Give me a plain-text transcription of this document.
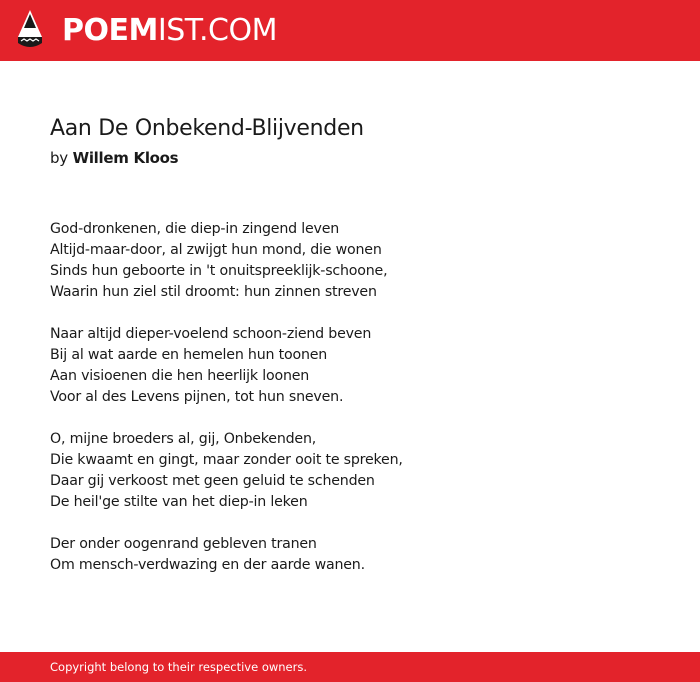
POEMIST.COM
Aan De Onbekend-Blijvenden
by Willem Kloos
God-dronkenen, die diep-in zingend leven
Altijd-maar-door, al zwijgt hun mond, die wonen
Sinds hun geboorte in 't onuitspreeklijk-schoone,
Waarin hun ziel stil droomt: hun zinnen streven
Naar altijd dieper-voelend schoon-ziend beven
Bij al wat aarde en hemelen hun toonen
Aan visioenen die hen heerlijk loonen
Voor al des Levens pijnen, tot hun sneven.
O, mijne broeders al, gij, Onbekenden,
Die kwaamt en gingt, maar zonder ooit te spreken,
Daar gij verkoost met geen geluid te schenden
De heil'ge stilte van het diep-in leken
Der onder oogenrand gebleven tranen
Om mensch-verdwazing en der aarde wanen.
Copyright belong to their respective owners.
